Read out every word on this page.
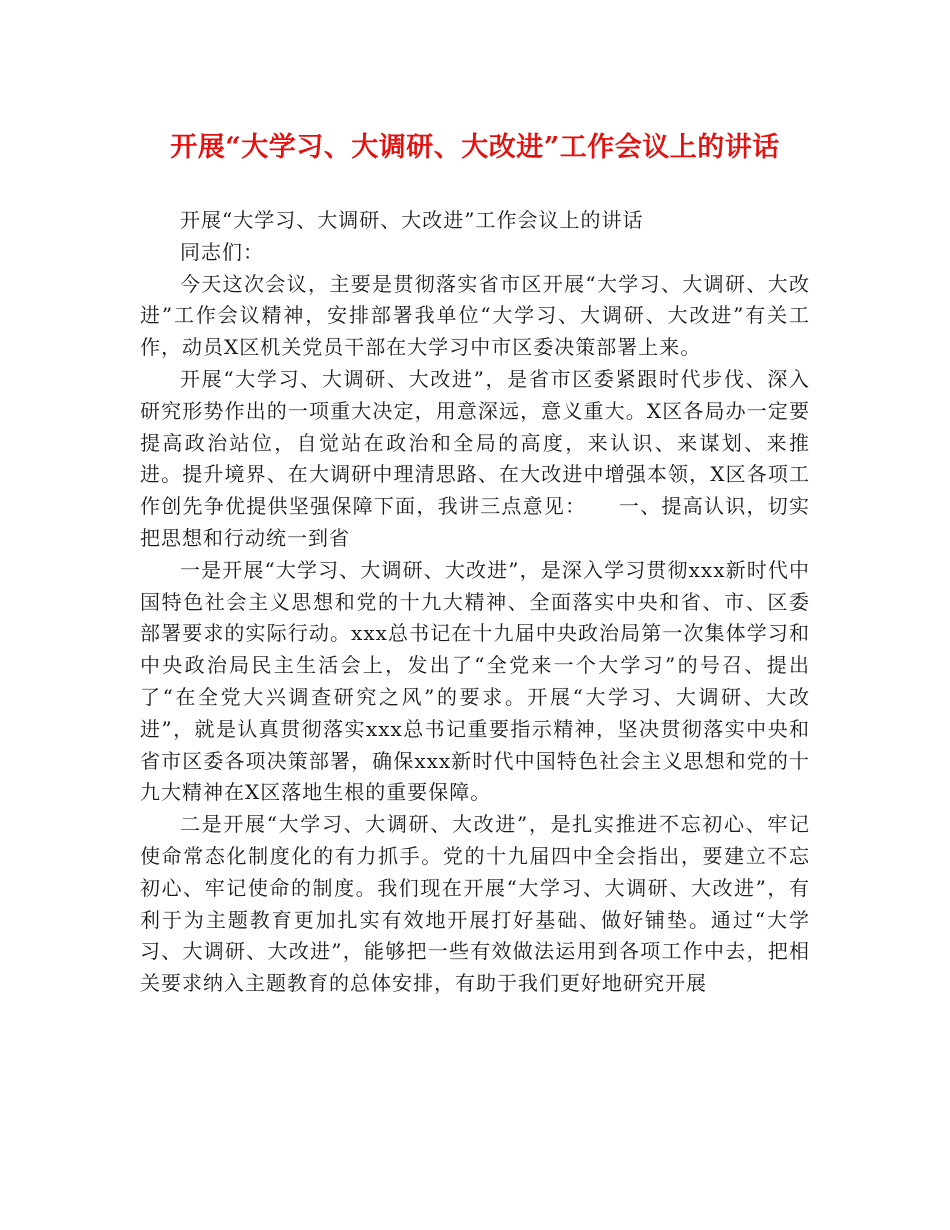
开展“大学习、大调研、大改进”工作会议上的讲话

开展“大学习、大调研、大改进”工作会议上的讲话

同志们：

今天这次会议，主要是贯彻落实省市区开展“大学习、大调研、大改进”工作会议精神，安排部署我单位“大学习、大调研、大改进”有关工作，动员X区机关党员干部在大学习中市区委决策部署上来。

开展“大学习、大调研、大改进”，是省市区委紧跟时代步伐、深入研究形势作出的一项重大决定，用意深远，意义重大。X区各局办一定要提高政治站位，自觉站在政治和全局的高度，来认识、来谋划、来推进。提升境界、在大调研中理清思路、在大改进中增强本领，X区各项工作创先争优提供坚强保障下面，我讲三点意见：　　一、提高认识，切实把思想和行动统一到省

一是开展“大学习、大调研、大改进”，是深入学习贯彻xxx新时代中国特色社会主义思想和党的十九大精神、全面落实中央和省、市、区委部署要求的实际行动。xxx总书记在十九届中央政治局第一次集体学习和中央政治局民主生活会上，发出了“全党来一个大学习”的号召、提出了“在全党大兴调查研究之风”的要求。开展“大学习、大调研、大改进”，就是认真贯彻落实xxx总书记重要指示精神，坚决贯彻落实中央和省市区委各项决策部署，确保xxx新时代中国特色社会主义思想和党的十九大精神在X区落地生根的重要保障。

二是开展“大学习、大调研、大改进”，是扎实推进不忘初心、牢记使命常态化制度化的有力抓手。党的十九届四中全会指出，要建立不忘初心、牢记使命的制度。我们现在开展“大学习、大调研、大改进”，有利于为主题教育更加扎实有效地开展打好基础、做好铺垫。通过“大学习、大调研、大改进”，能够把一些有效做法运用到各项工作中去，把相关要求纳入主题教育的总体安排，有助于我们更好地研究开展
